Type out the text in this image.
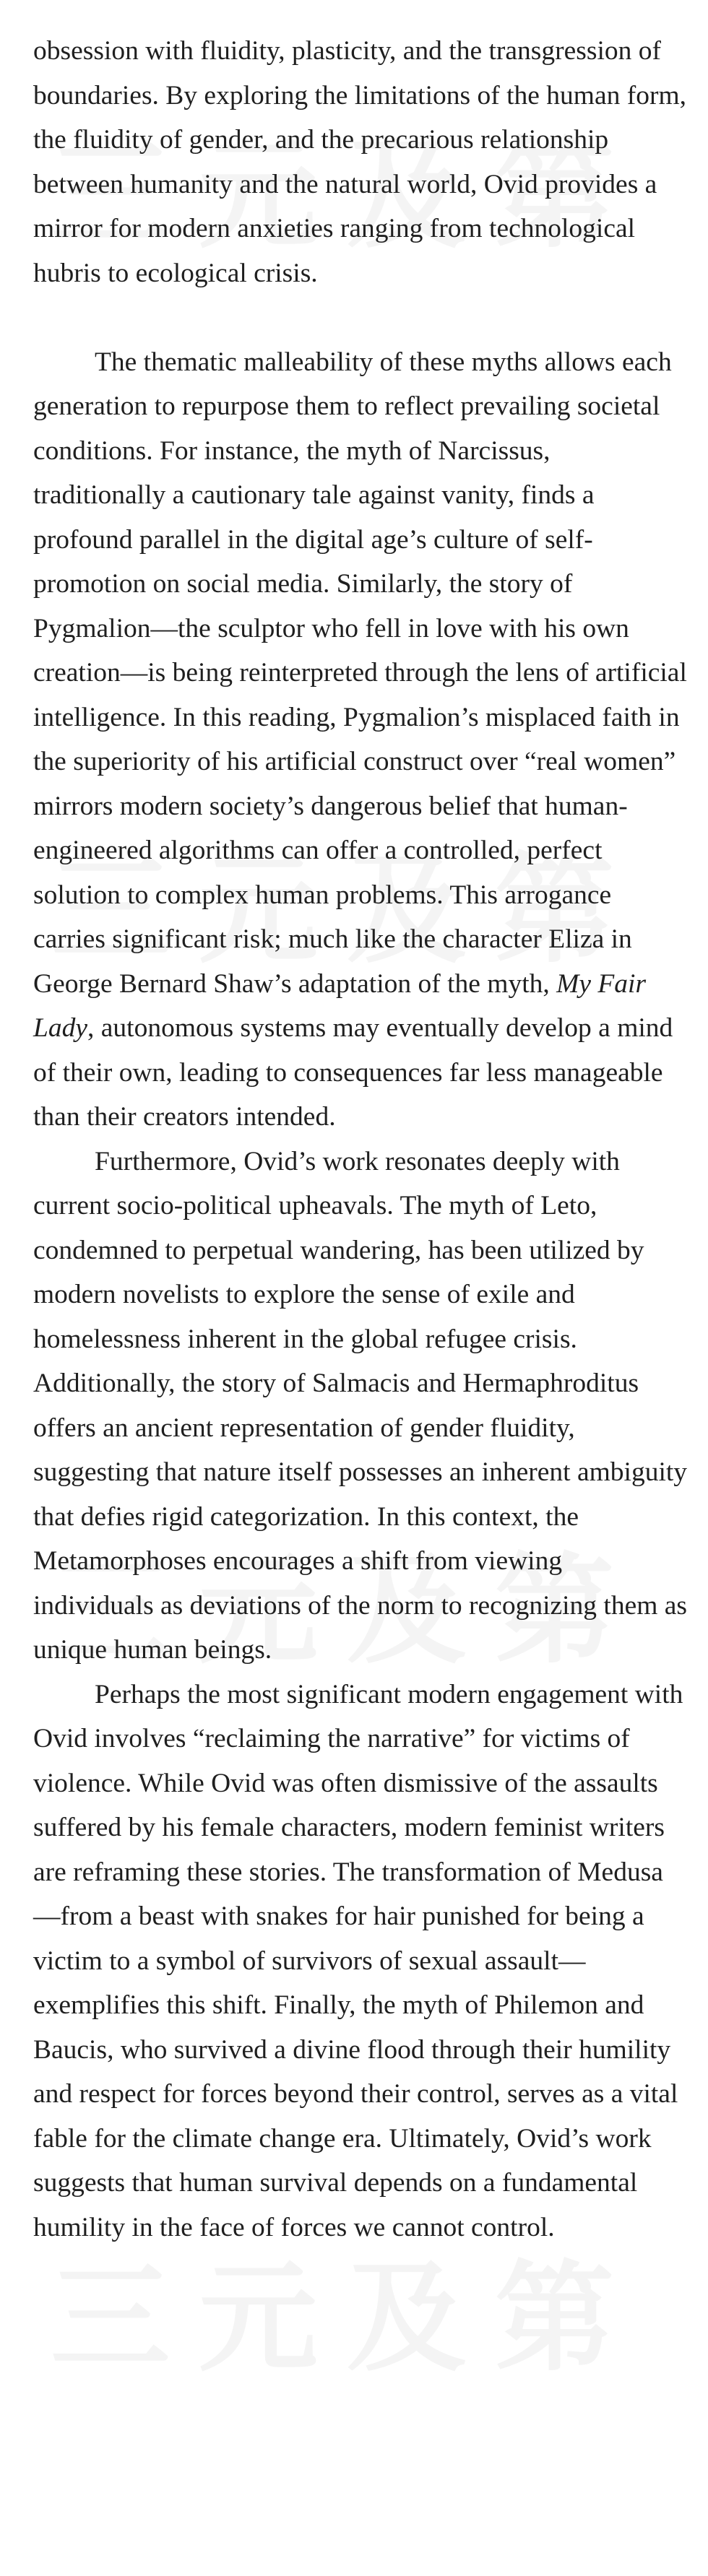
obsession with fluidity, plasticity, and the transgression of boundaries. By exploring the limitations of the human form, the fluidity of gender, and the precarious relationship between humanity and the natural world, Ovid provides a mirror for modern anxieties ranging from technological hubris to ecological crisis.

The thematic malleability of these myths allows each generation to repurpose them to reflect prevailing societal conditions. For instance, the myth of Narcissus, traditionally a cautionary tale against vanity, finds a profound parallel in the digital age’s culture of self-promotion on social media. Similarly, the story of Pygmalion—the sculptor who fell in love with his own creation—is being reinterpreted through the lens of artificial intelligence. In this reading, Pygmalion’s misplaced faith in the superiority of his artificial construct over “real women” mirrors modern society’s dangerous belief that human-engineered algorithms can offer a controlled, perfect solution to complex human problems. This arrogance carries significant risk; much like the character Eliza in George Bernard Shaw’s adaptation of the myth, My Fair Lady, autonomous systems may eventually develop a mind of their own, leading to consequences far less manageable than their creators intended.

Furthermore, Ovid’s work resonates deeply with current socio-political upheavals. The myth of Leto, condemned to perpetual wandering, has been utilized by modern novelists to explore the sense of exile and homelessness inherent in the global refugee crisis. Additionally, the story of Salmacis and Hermaphroditus offers an ancient representation of gender fluidity, suggesting that nature itself possesses an inherent ambiguity that defies rigid categorization. In this context, the Metamorphoses encourages a shift from viewing individuals as deviations of the norm to recognizing them as unique human beings.

Perhaps the most significant modern engagement with Ovid involves “reclaiming the narrative” for victims of violence. While Ovid was often dismissive of the assaults suffered by his female characters, modern feminist writers are reframing these stories. The transformation of Medusa—from a beast with snakes for hair punished for being a victim to a symbol of survivors of sexual assault—exemplifies this shift. Finally, the myth of Philemon and Baucis, who survived a divine flood through their humility and respect for forces beyond their control, serves as a vital fable for the climate change era. Ultimately, Ovid’s work suggests that human survival depends on a fundamental humility in the face of forces we cannot control.
